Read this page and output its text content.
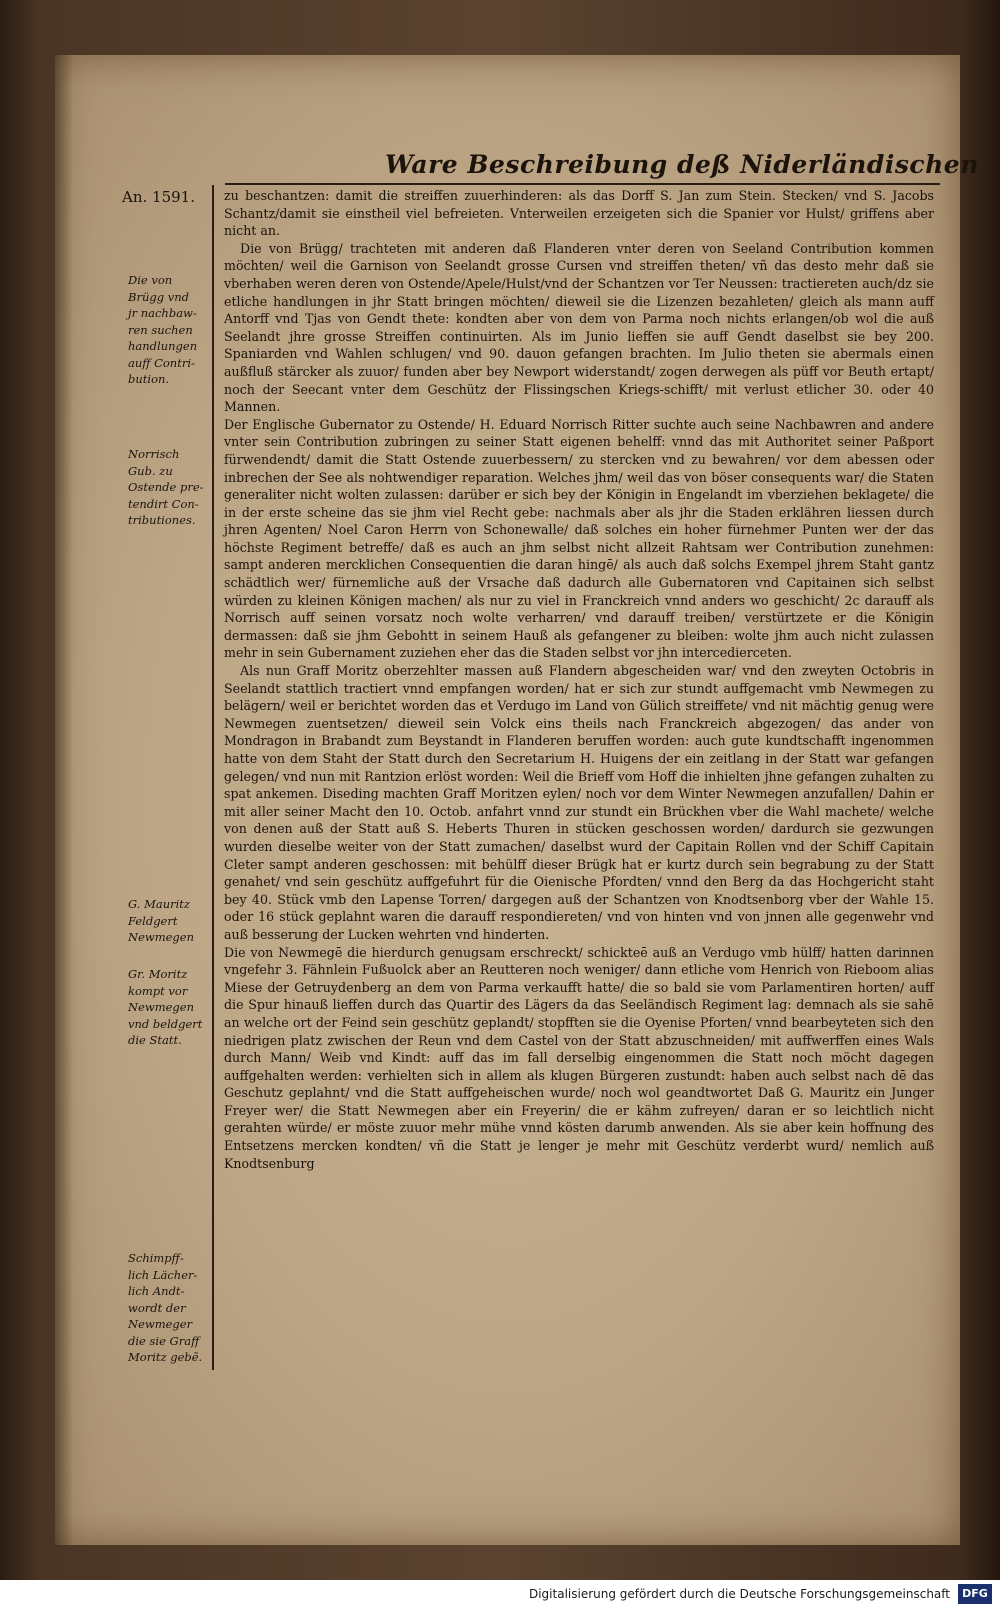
Ware Beschreibung deß Niderländischen
An. 1591.
Die von
Brügg vnd
jr nachbaw-
ren suchen
handlungen
auff Contri-
bution.
Norrisch
Gub. zu
Ostende pre-
tendirt Con-
tributiones.
G. Mauritz
Feldgert
Newmegen
Gr. Moritz
kompt vor
Newmegen
vnd beldgert
die Statt.
Schimpff-
lich Lächer-
lich Andt-
wordt der
Newmeger
die sie Graff
Moritz gebē.

zu beschantzen: damit die streiffen zuuerhinderen: als das Dorff S. Jan zum Stein. Stecken/ vnd S. Jacobs Schantz/damit sie einstheil viel befreieten. Vnterweilen erzeigeten sich die Spanier vor Hulst/ griffens aber nicht an.

Die von Brügg/ trachteten mit anderen daß Flanderen vnter deren von Seeland Contribution kommen möchten/ weil die Garnison von Seelandt grosse Cursen vnd streiffen theten/ vñ das desto mehr daß sie vberhaben weren deren von Ostende/Apele/Hulst/vnd der Schantzen vor Ter Neussen: tractiereten auch/dz sie etliche handlungen in jhr Statt bringen möchten/ dieweil sie die Lizenzen bezahleten/ gleich als mann auff Antorff vnd Tjas von Gendt thete: kondten aber von dem von Parma noch nichts erlangen/ob wol die auß Seelandt jhre grosse Streiffen continuirten. Als im Junio lieffen sie auff Gendt daselbst sie bey 200. Spaniarden vnd Wahlen schlugen/ vnd 90. dauon gefangen brachten. Im Julio theten sie abermals einen außfluß stärcker als zuuor/ funden aber bey Newport widerstandt/ zogen derwegen als püff vor Beuth ertapt/ noch der Seecant vnter dem Geschütz der Flissingschen Kriegs-schifft/ mit verlust etlicher 30. oder 40 Mannen.

Der Englische Gubernator zu Ostende/ H. Eduard Norrisch Ritter suchte auch seine Nachbawren and andere vnter sein Contribution zubringen zu seiner Statt eigenen behelff: vnnd das mit Authoritet seiner Paßport fürwendendt/ damit die Statt Ostende zuuerbessern/ zu stercken vnd zu bewahren/ vor dem abessen oder inbrechen der See als nohtwendiger reparation. Welches jhm/ weil das von böser consequents war/ die Staten generaliter nicht wolten zulassen: darüber er sich bey der Königin in Engelandt im vberziehen beklagete/ die in der erste scheine das sie jhm viel Recht gebe: nachmals aber als jhr die Staden erklähren liessen durch jhren Agenten/ Noel Caron Herrn von Schonewalle/ daß solches ein hoher fürnehmer Punten wer der das höchste Regiment betreffe/ daß es auch an jhm selbst nicht allzeit Rahtsam wer Contribution zunehmen: sampt anderen mercklichen Consequentien die daran hingē/ als auch daß solchs Exempel jhrem Staht gantz schädtlich wer/ fürnemliche auß der Vrsache daß dadurch alle Gubernatoren vnd Capitainen sich selbst würden zu kleinen Königen machen/ als nur zu viel in Franckreich vnnd anders wo geschicht/ 2c darauff als Norrisch auff seinen vorsatz noch wolte verharren/ vnd darauff treiben/ verstürtzete er die Königin dermassen: daß sie jhm Gebohtt in seinem Hauß als gefangener zu bleiben: wolte jhm auch nicht zulassen mehr in sein Gubernament zuziehen eher das die Staden selbst vor jhn intercedierceten.

Als nun Graff Moritz oberzehlter massen auß Flandern abgescheiden war/ vnd den zweyten Octobris in Seelandt stattlich tractiert vnnd empfangen worden/ hat er sich zur stundt auffgemacht vmb Newmegen zu belägern/ weil er berichtet worden das et Verdugo im Land von Gülich streiffete/ vnd nit mächtig genug were Newmegen zuentsetzen/ dieweil sein Volck eins theils nach Franckreich abgezogen/ das ander von Mondragon in Brabandt zum Beystandt in Flanderen beruffen worden: auch gute kundtschafft ingenommen hatte von dem Staht der Statt durch den Secretarium H. Huigens der ein zeitlang in der Statt war gefangen gelegen/ vnd nun mit Rantzion erlöst worden: Weil die Brieff vom Hoff die inhielten jhne gefangen zuhalten zu spat ankemen. Diseding machten Graff Moritzen eylen/ noch vor dem Winter Newmegen anzufallen/ Dahin er mit aller seiner Macht den 10. Octob. anfahrt vnnd zur stundt ein Brückhen vber die Wahl machete/ welche von denen auß der Statt auß S. Heberts Thuren in stücken geschossen worden/ dardurch sie gezwungen wurden dieselbe weiter von der Statt zumachen/ daselbst wurd der Capitain Rollen vnd der Schiff Capitain Cleter sampt anderen geschossen: mit behülff dieser Brügk hat er kurtz durch sein begrabung zu der Statt genahet/ vnd sein geschütz auffgefuhrt für die Oienische Pfordten/ vnnd den Berg da das Hochgericht staht bey 40. Stück vmb den Lapense Torren/ dargegen auß der Schantzen von Knodtsenborg vber der Wahle 15. oder 16 stück geplahnt waren die darauff respondiereten/ vnd von hinten vnd von jnnen alle gegenwehr vnd auß besserung der Lucken wehrten vnd hinderten.

Die von Newmegē die hierdurch genugsam erschreckt/ schickteē auß an Verdugo vmb hülff/ hatten darinnen vngefehr 3. Fähnlein Fußuolck aber an Reutteren noch weniger/ dann etliche vom Henrich von Rieboom alias Miese der Getruydenberg an dem von Parma verkaufft hatte/ die so bald sie vom Parlamentiren horten/ auff die Spur hinauß lieffen durch das Quartir des Lägers da das Seeländisch Regiment lag: demnach als sie sahē an welche ort der Feind sein geschütz geplandt/ stopfften sie die Oyenise Pforten/ vnnd bearbeyteten sich den niedrigen platz zwischen der Reun vnd dem Castel von der Statt abzuschneiden/ mit auffwerffen eines Wals durch Mann/ Weib vnd Kindt: auff das im fall derselbig eingenommen die Statt noch möcht dagegen auffgehalten werden: verhielten sich in allem als klugen Bürgeren zustundt: haben auch selbst nach dē das Geschutz geplahnt/ vnd die Statt auffgeheischen wurde/ noch wol geandtwortet Daß G. Mauritz ein Junger Freyer wer/ die Statt Newmegen aber ein Freyerin/ die er kähm zufreyen/ daran er so leichtlich nicht gerahten würde/ er möste zuuor mehr mühe vnnd kösten darumb anwenden. Als sie aber kein hoffnung des Entsetzens mercken kondten/ vñ die Statt je lenger je mehr mit Geschütz verderbt wurd/ nemlich auß Knodtsenburg

Digitalisierung gefördert durch die Deutsche Forschungsgemeinschaft	DFG
